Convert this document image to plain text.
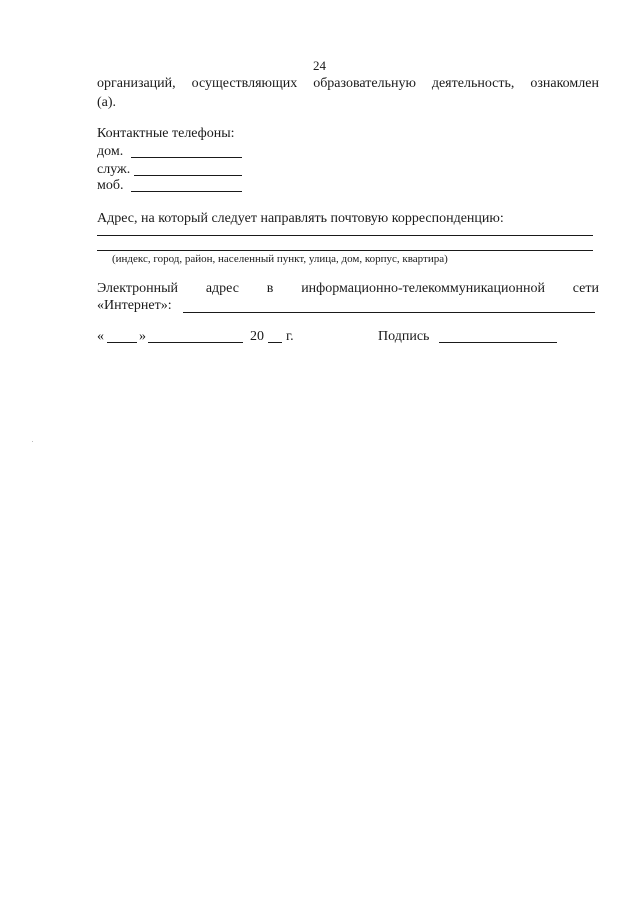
24
организаций, осуществляющих образовательную деятельность, ознакомлен
(а).
Контактные телефоны:
дом.
служ.
моб.
Адрес, на который следует направлять почтовую корреспонденцию:
(индекс, город, район, населенный пункт, улица, дом, корпус, квартира)
Электронный адрес в информационно-телекоммуникационной сети
«Интернет»:
«	»	20 г.	Подпись
